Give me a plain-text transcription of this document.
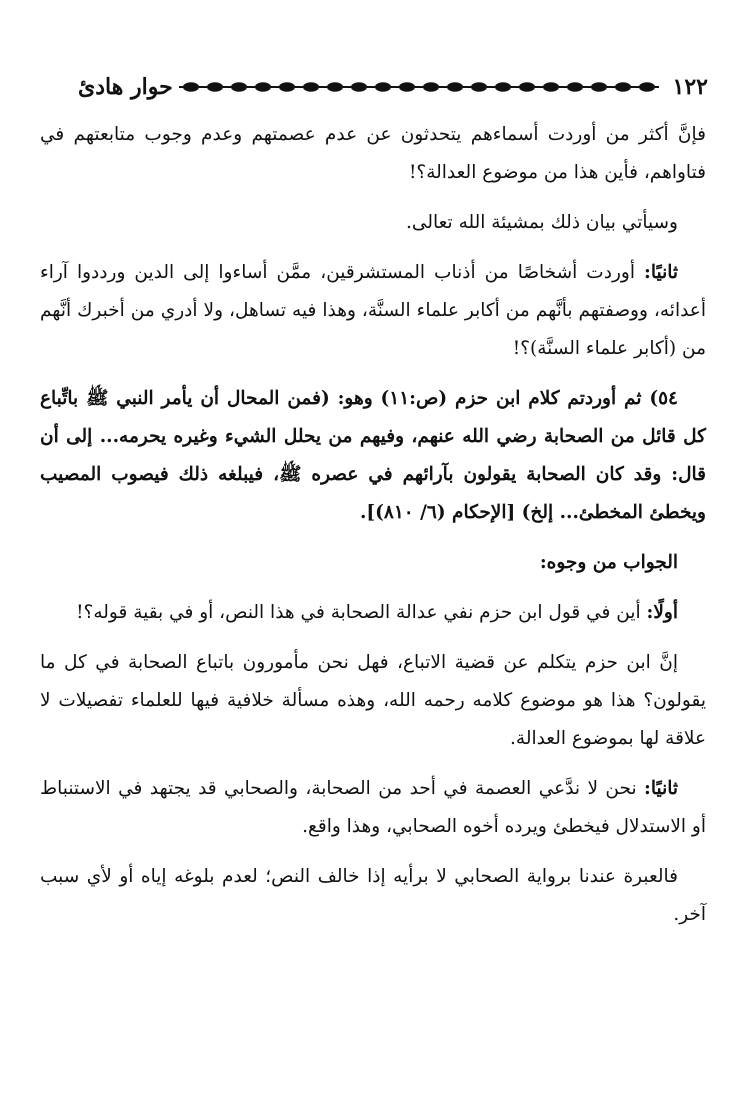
١٢٢
حوار هادئ

فإنَّ أكثر من أوردت أسماءهم يتحدثون عن عدم عصمتهم وعدم وجوب متابعتهم في فتاواهم، فأين هذا من موضوع العدالة؟!

وسيأتي بيان ذلك بمشيئة الله تعالى.

ثانيًا: أوردت أشخاصًا من أذناب المستشرقين، ممَّن أساءوا إلى الدين ورددوا آراء أعدائه، ووصفتهم بأنَّهم من أكابر علماء السنَّة، وهذا فيه تساهل، ولا أدري من أخبرك أنَّهم من (أكابر علماء السنَّة)؟!

٥٤) ثم أوردتم كلام ابن حزم (ص:١١) وهو: (فمن المحال أن يأمر النبي ﷺ باتِّباع كل قائل من الصحابة رضي الله عنهم، وفيهم من يحلل الشيء وغيره يحرمه... إلى أن قال: وقد كان الصحابة يقولون بآرائهم في عصره ﷺ، فيبلغه ذلك فيصوب المصيب ويخطئ المخطئ... إلخ) [الإحكام (٦/ ٨١٠)].

الجواب من وجوه:

أولًا: أين في قول ابن حزم نفي عدالة الصحابة في هذا النص، أو في بقية قوله؟!

إنَّ ابن حزم يتكلم عن قضية الاتباع، فهل نحن مأمورون باتباع الصحابة في كل ما يقولون؟ هذا هو موضوع كلامه رحمه الله، وهذه مسألة خلافية فيها للعلماء تفصيلات لا علاقة لها بموضوع العدالة.

ثانيًا: نحن لا ندَّعي العصمة في أحد من الصحابة، والصحابي قد يجتهد في الاستنباط أو الاستدلال فيخطئ ويرده أخوه الصحابي، وهذا واقع.

فالعبرة عندنا برواية الصحابي لا برأيه إذا خالف النص؛ لعدم بلوغه إياه أو لأي سبب آخر.
